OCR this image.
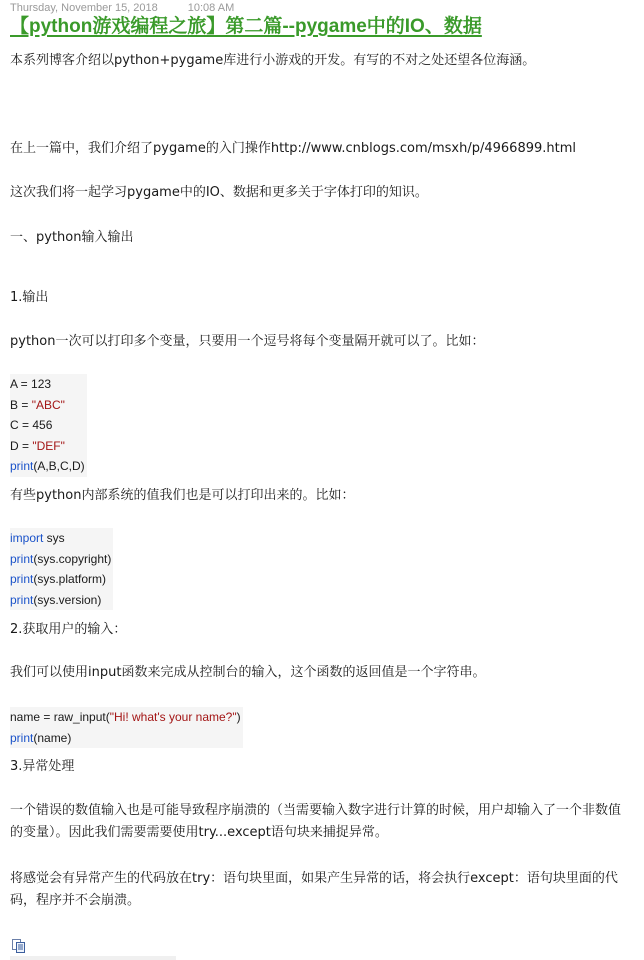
Thursday, November 15, 2018	10:08 AM
【python游戏编程之旅】第二篇--pygame中的IO、数据
本系列博客介绍以python+pygame库进行小游戏的开发。有写的不对之处还望各位海涵。
在上一篇中，我们介绍了pygame的入门操作http://www.cnblogs.com/msxh/p/4966899.html
这次我们将一起学习pygame中的IO、数据和更多关于字体打印的知识。
一、python输入输出
1.输出
python一次可以打印多个变量，只要用一个逗号将每个变量隔开就可以了。比如：
A = 123
B = "ABC"
C = 456
D = "DEF"
print(A,B,C,D)
有些python内部系统的值我们也是可以打印出来的。比如：
import sys
print(sys.copyright)
print(sys.platform)
print(sys.version)
2.获取用户的输入：
我们可以使用input函数来完成从控制台的输入，这个函数的返回值是一个字符串。
name = raw_input("Hi! what's your name?")
print(name)
3.异常处理
一个错误的数值输入也是可能导致程序崩溃的（当需要输入数字进行计算的时候，用户却输入了一个非数值的变量）。因此我们需要需要使用try...except语句块来捕捉异常。
将感觉会有异常产生的代码放在try：语句块里面，如果产生异常的话，将会执行except：语句块里面的代码，程序并不会崩溃。
